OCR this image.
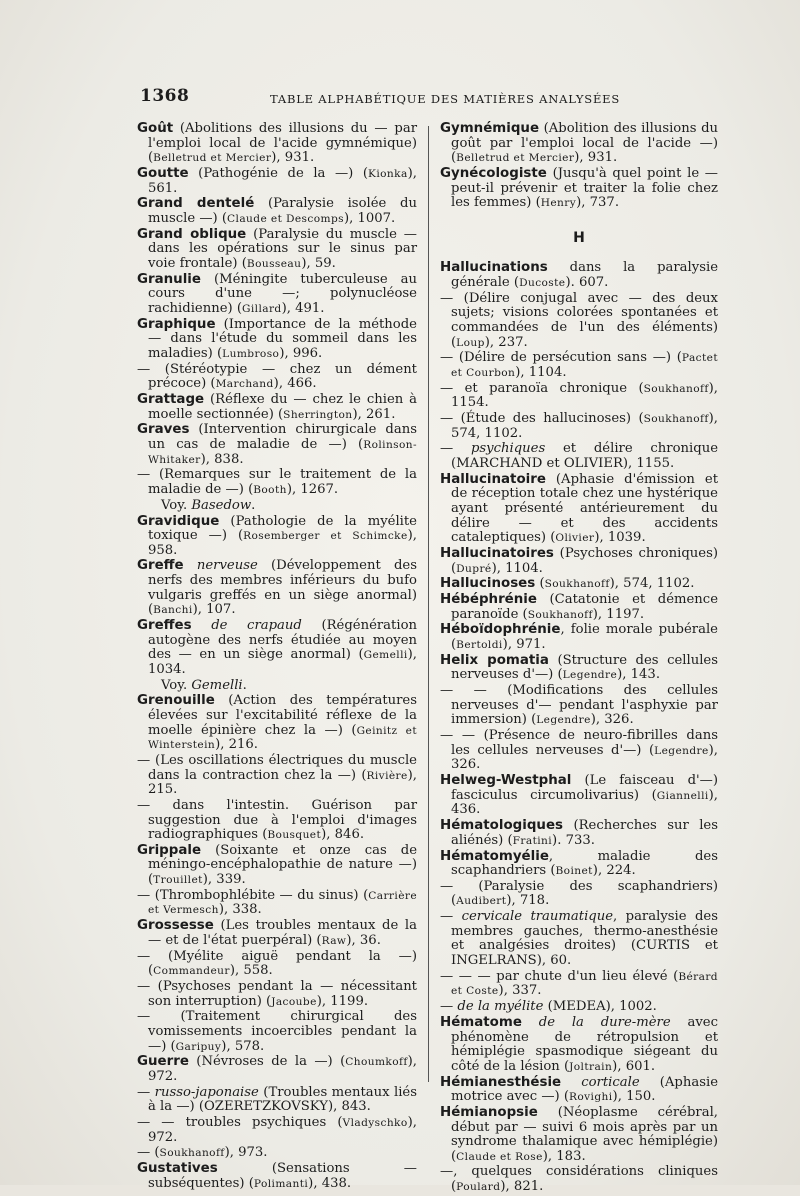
1368	TABLE ALPHABÉTIQUE DES MATIÈRES ANALYSÉES

Goût (Abolitions des illusions du — par l'emploi local de l'acide gymnémique) (Belletrud et Mercier), 931.

Goutte (Pathogénie de la —) (Kionka), 561.

Grand dentelé (Paralysie isolée du muscle —) (Claude et Descomps), 1007.

Grand oblique (Paralysie du muscle — dans les opérations sur le sinus par voie frontale) (Bousseau), 59.

Granulie (Méningite tuberculeuse au cours d'une —; polynucléose rachidienne) (Gillard), 491.

Graphique (Importance de la méthode — dans l'étude du sommeil dans les maladies) (Lumbroso), 996.

— (Stéréotypie — chez un dément précoce) (Marchand), 466.

Grattage (Réflexe du — chez le chien à moelle sectionnée) (Sherrington), 261.

Graves (Intervention chirurgicale dans un cas de maladie de —) (Rolinson-Whitaker), 838.

— (Remarques sur le traitement de la maladie de —) (Booth), 1267.

Voy. Basedow.

Gravidique (Pathologie de la myélite toxique —) (Rosemberger et Schimcke), 958.

Greffe nerveuse (Développement des nerfs des membres inférieurs du bufo vulgaris greffés en un siège anormal) (Banchi), 107.

Greffes de crapaud (Régénération autogène des nerfs étudiée au moyen des — en un siège anormal) (Gemelli), 1034.

Voy. Gemelli.

Grenouille (Action des températures élevées sur l'excitabilité réflexe de la moelle épinière chez la —) (Geinitz et Winterstein), 216.

— (Les oscillations électriques du muscle dans la contraction chez la —) (Rivière), 215.

— dans l'intestin. Guérison par suggestion due à l'emploi d'images radiographiques (Bousquet), 846.

Grippale (Soixante et onze cas de méningo-encéphalopathie de nature —) (Trouillet), 339.

— (Thrombophlébite — du sinus) (Carrière et Vermesch), 338.

Grossesse (Les troubles mentaux de la — et de l'état puerpéral) (Raw), 36.

— (Myélite aiguë pendant la —) (Commandeur), 558.

— (Psychoses pendant la — nécessitant son interruption) (Jacoube), 1199.

— (Traitement chirurgical des vomissements incoercibles pendant la —) (Garipuy), 578.

Guerre (Névroses de la —) (Choumkoff), 972.

— russo-japonaise (Troubles mentaux liés à la —) (OZERETZKOVSKY), 843.

— — troubles psychiques (Vladyschko), 972.

— (Soukhanoff), 973.

Gustatives (Sensations — subséquentes) (Polimanti), 438.

Gymnémique (Abolition des illusions du goût par l'emploi local de l'acide —) (Belletrud et Mercier), 931.

Gynécologiste (Jusqu'à quel point le — peut-il prévenir et traiter la folie chez les femmes) (Henry), 737.

H

Hallucinations dans la paralysie générale (Ducoste). 607.

— (Délire conjugal avec — des deux sujets; visions colorées spontanées et commandées de l'un des éléments) (Loup), 237.

— (Délire de persécution sans —) (Pactet et Courbon), 1104.

— et paranoïa chronique (Soukhanoff), 1154.

— (Étude des hallucinoses) (Soukhanoff), 574, 1102.

— psychiques et délire chronique (MARCHAND et OLIVIER), 1155.

Hallucinatoire (Aphasie d'émission et de réception totale chez une hystérique ayant présenté antérieurement du délire — et des accidents cataleptiques) (Olivier), 1039.

Hallucinatoires (Psychoses chroniques) (Dupré), 1104.

Hallucinoses (Soukhanoff), 574, 1102.

Hébéphrénie (Catatonie et démence paranoïde (Soukhanoff), 1197.

Héboïdophrénie, folie morale pubérale (Bertoldi), 971.

Helix pomatia (Structure des cellules nerveuses d'—) (Legendre), 143.

— — (Modifications des cellules nerveuses d'— pendant l'asphyxie par immersion) (Legendre), 326.

— — (Présence de neuro-fibrilles dans les cellules nerveuses d'—) (Legendre), 326.

Helweg-Westphal (Le faisceau d'—) fasciculus circumolivarius) (Giannelli), 436.

Hématologiques (Recherches sur les aliénés) (Fratini). 733.

Hématomyélie, maladie des scaphandriers (Boinet), 224.

— (Paralysie des scaphandriers) (Audibert), 718.

— cervicale traumatique, paralysie des membres gauches, thermo-anesthésie et analgésies droites) (CURTIS et INGELRANS), 60.

— — — par chute d'un lieu élevé (Bérard et Coste), 337.

— de la myélite (MEDEA), 1002.

Hématome de la dure-mère avec phénomène de rétropulsion et hémiplégie spasmodique siégeant du côté de la lésion (Joltrain), 601.

Hémianesthésie corticale (Aphasie motrice avec —) (Rovighi), 150.

Hémianopsie (Néoplasme cérébral, début par — suivi 6 mois après par un syndrome thalamique avec hémiplégie) (Claude et Rose), 183.

—, quelques considérations cliniques (Poulard), 821.
